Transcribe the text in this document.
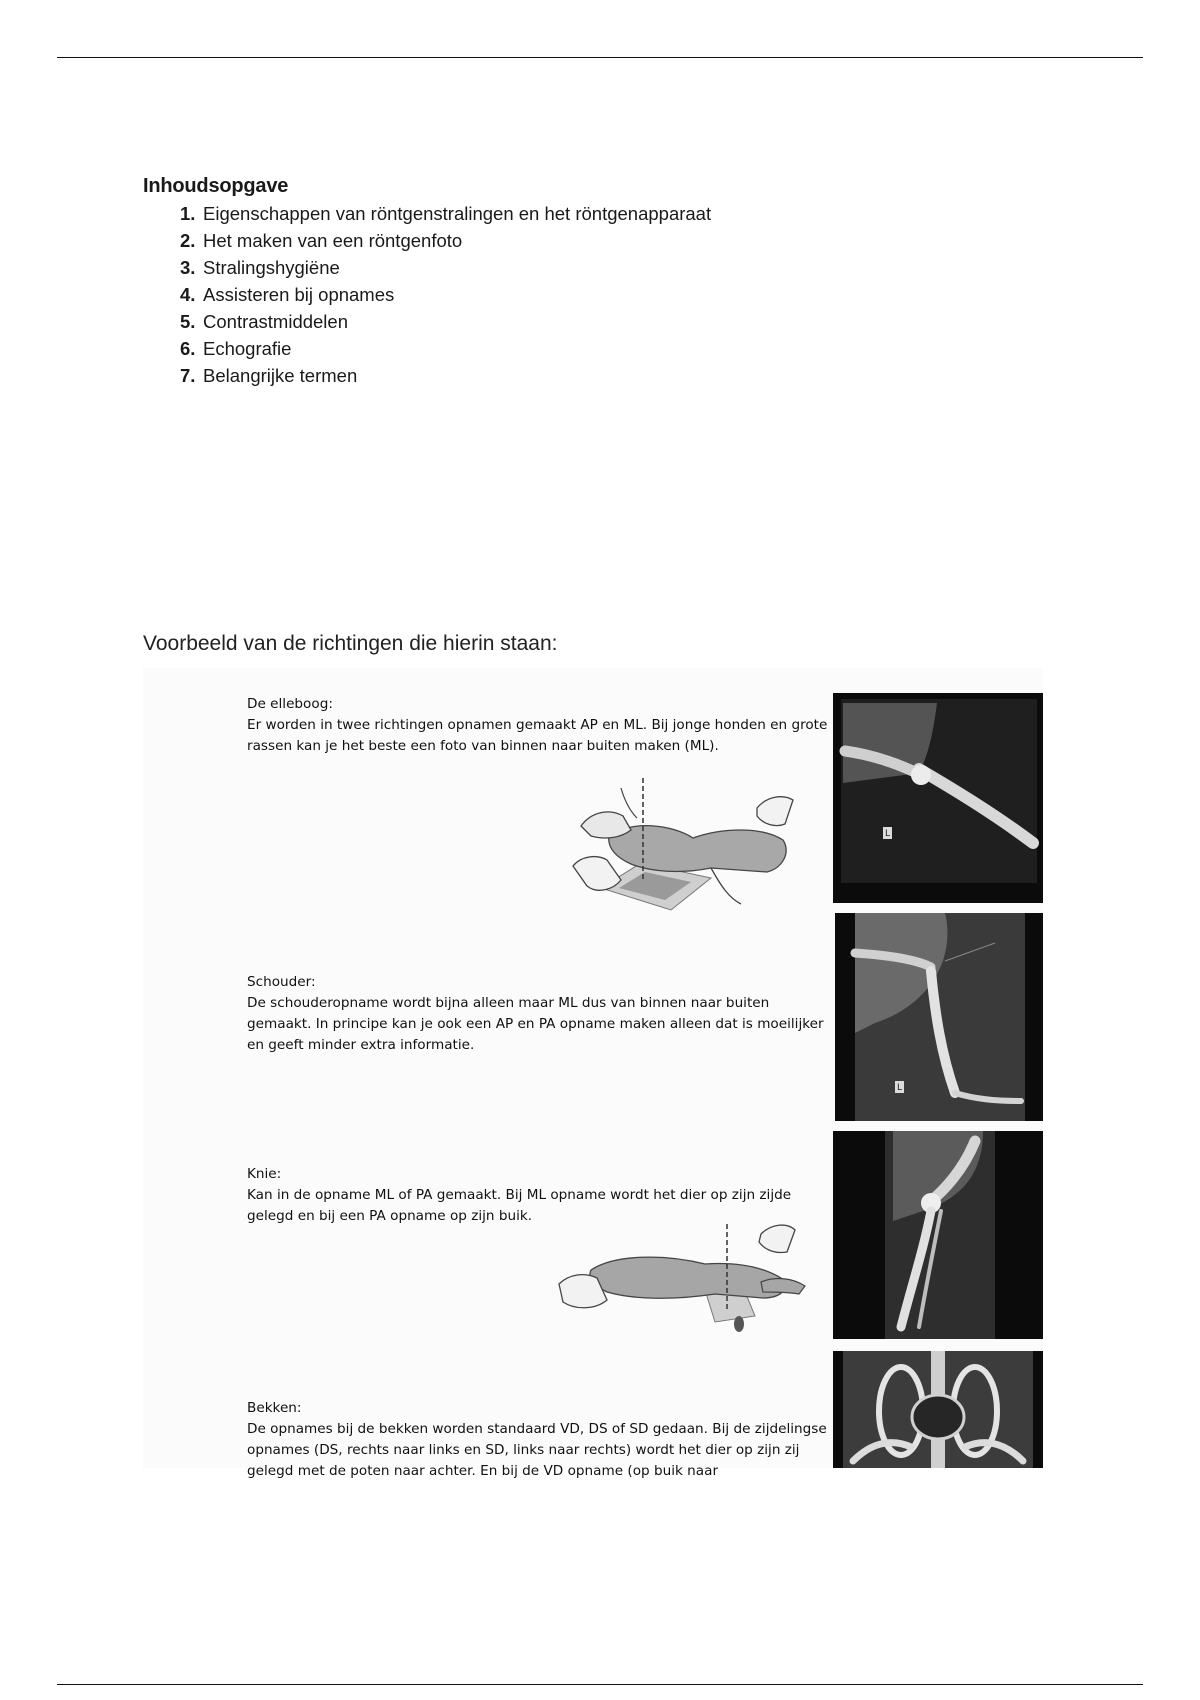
Inhoudsopgave
1. Eigenschappen van röntgenstralingen en het röntgenapparaat
2. Het maken van een röntgenfoto
3. Stralingshygiëne
4. Assisteren bij opnames
5. Contrastmiddelen
6. Echografie
7. Belangrijke termen

Voorbeeld van de richtingen die hierin staan:

De elleboog:
Er worden in twee richtingen opnamen gemaakt AP en ML. Bij jonge honden en grote rassen kan je het beste een foto van binnen naar buiten maken (ML).
Schouder:
De schouderopname wordt bijna alleen maar ML dus van binnen naar buiten gemaakt. In principe kan je ook een AP en PA opname maken alleen dat is moeilijker en geeft minder extra informatie.
Knie:
Kan in de opname ML of PA gemaakt. Bij ML opname wordt het dier op zijn zijde gelegd en bij een PA opname op zijn buik.
Bekken:
De opnames bij de bekken worden standaard VD, DS of SD gedaan. Bij de zijdelingse opnames (DS, rechts naar links en SD, links naar rechts) wordt het dier op zijn zij gelegd met de poten naar achter. En bij de VD opname (op buik naar
L
L
